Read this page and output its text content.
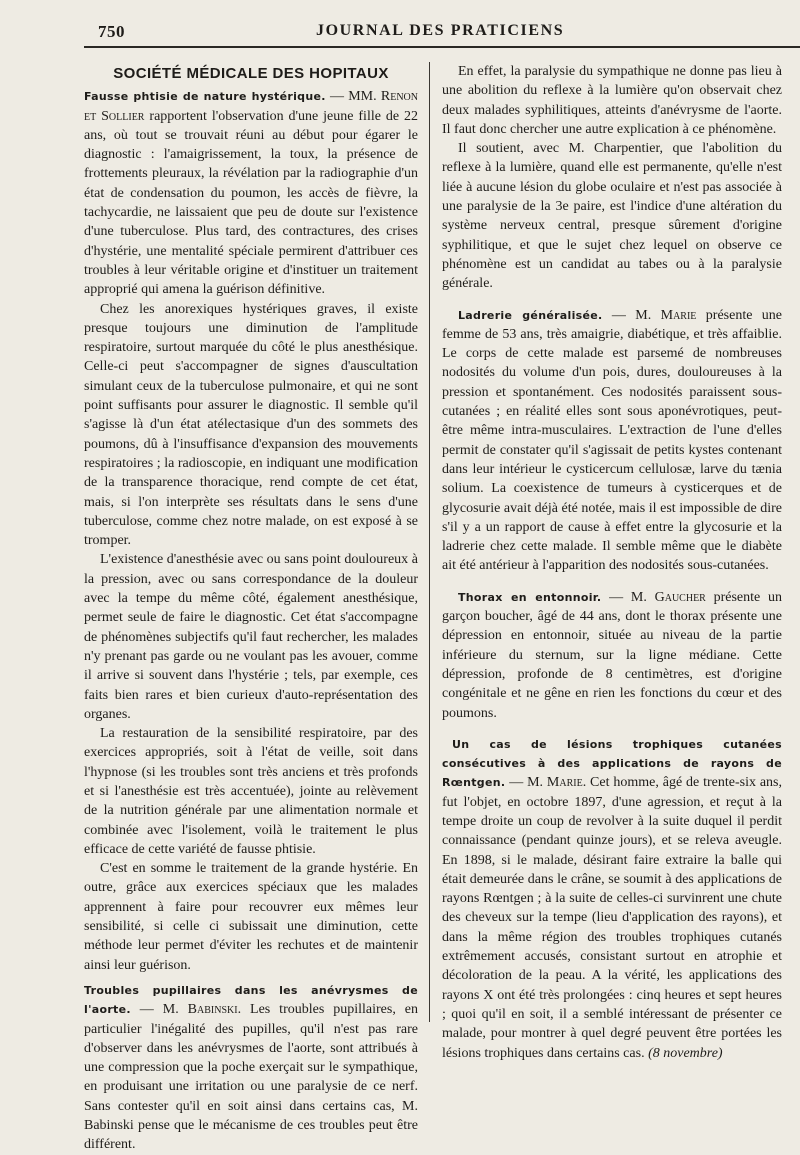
750	JOURNAL DES PRATICIENS
SOCIÉTÉ MÉDICALE DES HOPITAUX

Fausse phtisie de nature hystérique. — MM. Renon et Sollier rapportent l'observation d'une jeune fille de 22 ans, où tout se trouvait réuni au début pour égarer le diagnostic : l'amaigrissement, la toux, la présence de frottements pleuraux, la révélation par la radiographie d'un état de condensation du poumon, les accès de fièvre, la tachycardie, ne laissaient que peu de doute sur l'existence d'une tuberculose. Plus tard, des contractures, des crises d'hystérie, une mentalité spéciale permirent d'attribuer ces troubles à leur véritable origine et d'instituer un traitement approprié qui amena la guérison définitive.

Chez les anorexiques hystériques graves, il existe presque toujours une diminution de l'amplitude respiratoire, surtout marquée du côté le plus anesthésique. Celle-ci peut s'accompagner de signes d'auscultation simulant ceux de la tuberculose pulmonaire, et qui ne sont point suffisants pour assurer le diagnostic. Il semble qu'il s'agisse là d'un état atélectasique d'un des sommets des poumons, dû à l'insuffisance d'expansion des mouvements respiratoires ; la radioscopie, en indiquant une modification de la transparence thoracique, rend compte de cet état, mais, si l'on interprète ses résultats dans le sens d'une tuberculose, comme chez notre malade, on est exposé à se tromper.

L'existence d'anesthésie avec ou sans point douloureux à la pression, avec ou sans correspondance de la douleur avec la tempe du même côté, également anesthésique, permet seule de faire le diagnostic. Cet état s'accompagne de phénomènes subjectifs qu'il faut rechercher, les malades n'y prenant pas garde ou ne voulant pas les avouer, comme il arrive si souvent dans l'hystérie ; tels, par exemple, ces faits bien rares et bien curieux d'auto-représentation des organes.

La restauration de la sensibilité respiratoire, par des exercices appropriés, soit à l'état de veille, soit dans l'hypnose (si les troubles sont très anciens et très profonds et si l'anesthésie est très accentuée), jointe au relèvement de la nutrition générale par une alimentation normale et combinée avec l'isolement, voilà le traitement le plus efficace de cette variété de fausse phtisie.

C'est en somme le traitement de la grande hystérie. En outre, grâce aux exercices spéciaux que les malades apprennent à faire pour recouvrer eux mêmes leur sensibilité, si celle ci subissait une diminution, cette méthode leur permet d'éviter les rechutes et de maintenir ainsi leur guérison.

Troubles pupillaires dans les anévrysmes de l'aorte. — M. Babinski. Les troubles pupillaires, en particulier l'inégalité des pupilles, qu'il n'est pas rare d'observer dans les anévrysmes de l'aorte, sont attribués à une compression que la poche exerçait sur le sympathique, en produisant une irritation ou une paralysie de ce nerf. Sans contester qu'il en soit ainsi dans certains cas, M. Babinski pense que le mécanisme de ces troubles peut être différent.

En effet, la paralysie du sympathique ne donne pas lieu à une abolition du reflexe à la lumière qu'on observait chez deux malades syphilitiques, atteints d'anévrysme de l'aorte. Il faut donc chercher une autre explication à ce phénomène.

Il soutient, avec M. Charpentier, que l'abolition du reflexe à la lumière, quand elle est permanente, qu'elle n'est liée à aucune lésion du globe oculaire et n'est pas associée à une paralysie de la 3e paire, est l'indice d'une altération du système nerveux central, presque sûrement d'origine syphilitique, et que le sujet chez lequel on observe ce phénomène est un candidat au tabes ou à la paralysie générale.

Ladrerie généralisée. — M. Marie présente une femme de 53 ans, très amaigrie, diabétique, et très affaiblie. Le corps de cette malade est parsemé de nombreuses nodosités du volume d'un pois, dures, douloureuses à la pression et spontanément. Ces nodosités paraissent sous-cutanées ; en réalité elles sont sous aponévrotiques, peut-être même intra-musculaires. L'extraction de l'une d'elles permit de constater qu'il s'agissait de petits kystes contenant dans leur intérieur le cysticercum cellulosæ, larve du tænia solium. La coexistence de tumeurs à cysticerques et de glycosurie avait déjà été notée, mais il est impossible de dire s'il y a un rapport de cause à effet entre la glycosurie et la ladrerie chez cette malade. Il semble même que le diabète ait été antérieur à l'apparition des nodosités sous-cutanées.

Thorax en entonnoir. — M. Gaucher présente un garçon boucher, âgé de 44 ans, dont le thorax présente une dépression en entonnoir, située au niveau de la partie inférieure du sternum, sur la ligne médiane. Cette dépression, profonde de 8 centimètres, est d'origine congénitale et ne gêne en rien les fonctions du cœur et des poumons.

Un cas de lésions trophiques cutanées consécutives à des applications de rayons de Rœntgen. — M. Marie. Cet homme, âgé de trente-six ans, fut l'objet, en octobre 1897, d'une agression, et reçut à la tempe droite un coup de revolver à la suite duquel il perdit connaissance (pendant quinze jours), et se releva aveugle. En 1898, si le malade, désirant faire extraire la balle qui était demeurée dans le crâne, se soumit à des applications de rayons Rœntgen ; à la suite de celles-ci survinrent une chute des cheveux sur la tempe (lieu d'application des rayons), et dans la même région des troubles trophiques cutanés extrêmement accusés, consistant surtout en atrophie et décoloration de la peau. A la vérité, les applications des rayons X ont été très prolongées : cinq heures et sept heures ; quoi qu'il en soit, il a semblé intéressant de présenter ce malade, pour montrer à quel degré peuvent être portées les lésions trophiques dans certains cas. (8 novembre)
